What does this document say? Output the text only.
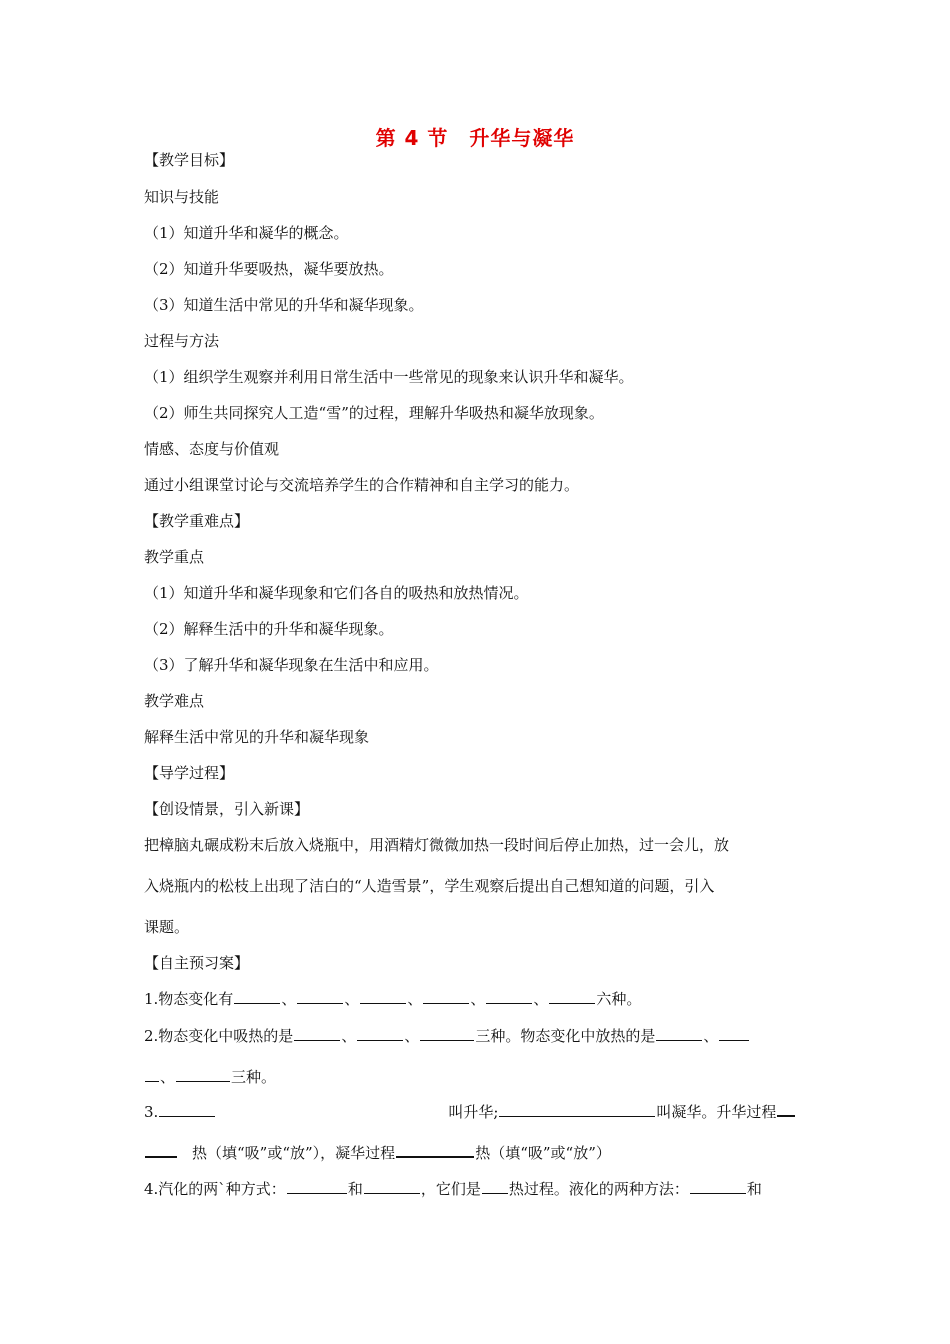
第 4 节　升华与凝华
【教学目标】
知识与技能
（1）知道升华和凝华的概念。
（2）知道升华要吸热，凝华要放热。
（3）知道生活中常见的升华和凝华现象。
过程与方法
（1）组织学生观察并利用日常生活中一些常见的现象来认识升华和凝华。
（2）师生共同探究人工造“雪”的过程，理解升华吸热和凝华放现象。
情感、态度与价值观
通过小组课堂讨论与交流培养学生的合作精神和自主学习的能力。
【教学重难点】
教学重点
（1）知道升华和凝华现象和它们各自的吸热和放热情况。
（2）解释生活中的升华和凝华现象。
（3）了解升华和凝华现象在生活中和应用。
教学难点
解释生活中常见的升华和凝华现象
【导学过程】
【创设情景，引入新课】
把樟脑丸碾成粉末后放入烧瓶中，用酒精灯微微加热一段时间后停止加热，过一会儿，放
入烧瓶内的松枝上出现了洁白的“人造雪景”，学生观察后提出自己想知道的问题，引入
课题。
【自主预习案】
1.物态变化有	、	、	、	、	、	六种。
2.物态变化中吸热的是	、	、	三种。物态变化中放热的是	、
、	三种。
3.	叫升华;	叫凝华。升华过程
热（填“吸”或“放”），凝华过程	热（填“吸”或“放”）
4.汽化的两`种方式：	和	，它们是 热过程。液化的两种方法：	和
